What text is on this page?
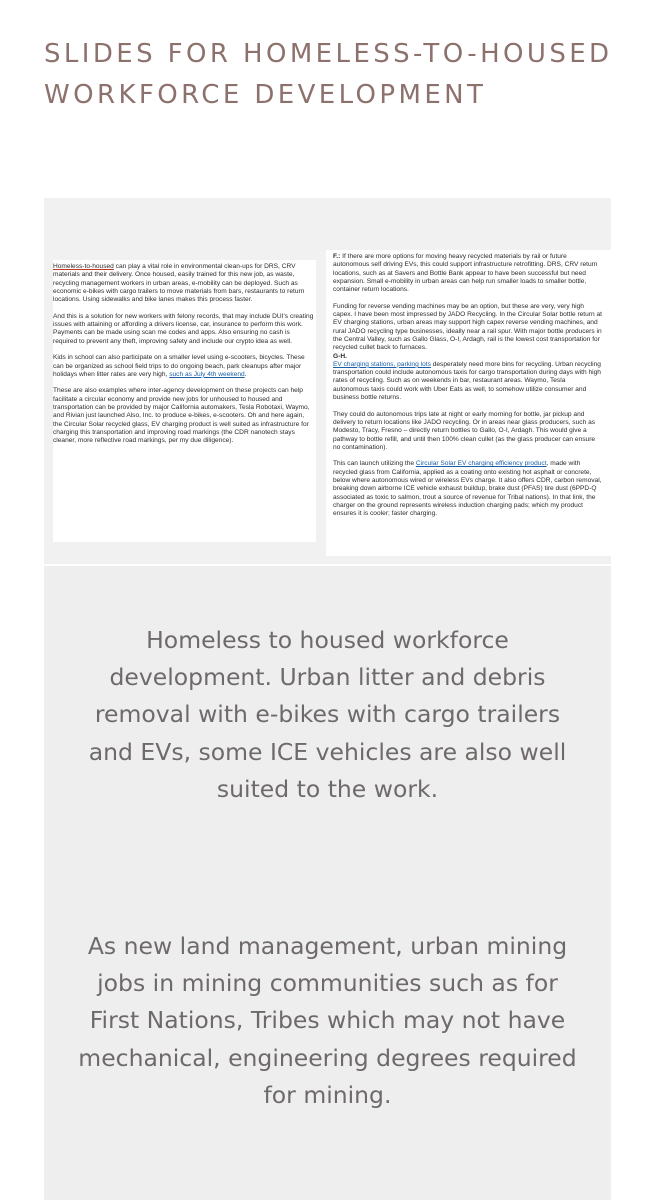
SLIDES FOR HOMELESS-TO-HOUSED WORKFORCE DEVELOPMENT

Homeless-to-housed can play a vital role in environmental clean-ups for DRS, CRV materials and their delivery. Once housed, easily trained for this new job, as waste, recycling management workers in urban areas, e-mobility can be deployed. Such as economic e-bikes with cargo trailers to move materials from bars, restaurants to return locations. Using sidewalks and bike lanes makes this process faster.

And this is a solution for new workers with felony records, that may include DUI's creating issues with attaining or affording a drivers license, car, insurance to perform this work. Payments can be made using scan me codes and apps. Also ensuring no cash is required to prevent any theft, improving safety and include our crypto idea as well.

Kids in school can also participate on a smaller level using e-scooters, bicycles. These can be organized as school field trips to do ongoing beach, park cleanups after major holidays when litter rates are very high, such as July 4th weekend.

These are also examples where inter-agency development on these projects can help facilitate a circular economy and provide new jobs for unhoused to housed and transportation can be provided by major California automakers, Tesla Robotaxi, Waymo, and Rivian just launched Also, Inc. to produce e-bikes, e-scooters. Oh and here again, the Circular Solar recycled glass, EV charging product is well suited as infrastructure for charging this transportation and improving road markings (the CDR nanotech stays cleaner, more reflective road markings, per my due diligence).

F.: If there are more options for moving heavy recycled materials by rail or future autonomous self driving EVs, this could support infrastructure retrofitting. DRS, CRV return locations, such as at Savers and Bottle Bank appear to have been successful but need expansion. Small e-mobility in urban areas can help run smaller loads to smaller bottle, container return locations.

Funding for reverse vending machines may be an option, but these are very, very high capex. I have been most impressed by JADO Recycling. In the Circular Solar bottle return at EV charging stations, urban areas may support high capex reverse vending machines, and rural JADO recycling type businesses, ideally near a rail spur. With major bottle producers in the Central Valley, such as Gallo Glass, O-I, Ardagh, rail is the lowest cost transportation for recycled cullet back to furnaces.

G-H.

EV charging stations, parking lots desperately need more bins for recycling. Urban recycling transportation could include autonomous taxis for cargo transportation during days with high rates of recycling. Such as on weekends in bar, restaurant areas. Waymo, Tesla autonomous taxis could work with Uber Eats as well, to somehow utilize consumer and business bottle returns.

They could do autonomous trips late at night or early morning for bottle, jar pickup and delivery to return locations like JADO recycling. Or in areas near glass producers, such as Modesto, Tracy, Fresno – directly return bottles to Gallo, O-I, Ardagh. This would give a pathway to bottle refill, and until then 100% clean cullet (as the glass producer can ensure no contamination).

This can launch utilizing the Circular Solar EV charging efficiency product, made with recycled glass from California, applied as a coating onto existing hot asphalt or concrete, below where autonomous wired or wireless EVs charge. It also offers CDR, carbon removal, breaking down airborne ICE vehicle exhaust buildup, brake dust (PFAS) tire dust (6PPD-Q associated as toxic to salmon, trout a source of revenue for Tribal nations). In that link, the charger on the ground represents wireless induction charging pads; which my product ensures it is cooler; faster charging.

Homeless to housed workforce development. Urban litter and debris removal with e-bikes with cargo trailers and EVs, some ICE vehicles are also well suited to the work.

As new land management, urban mining jobs in mining communities such as for First Nations, Tribes which may not have mechanical, engineering degrees required for mining.
